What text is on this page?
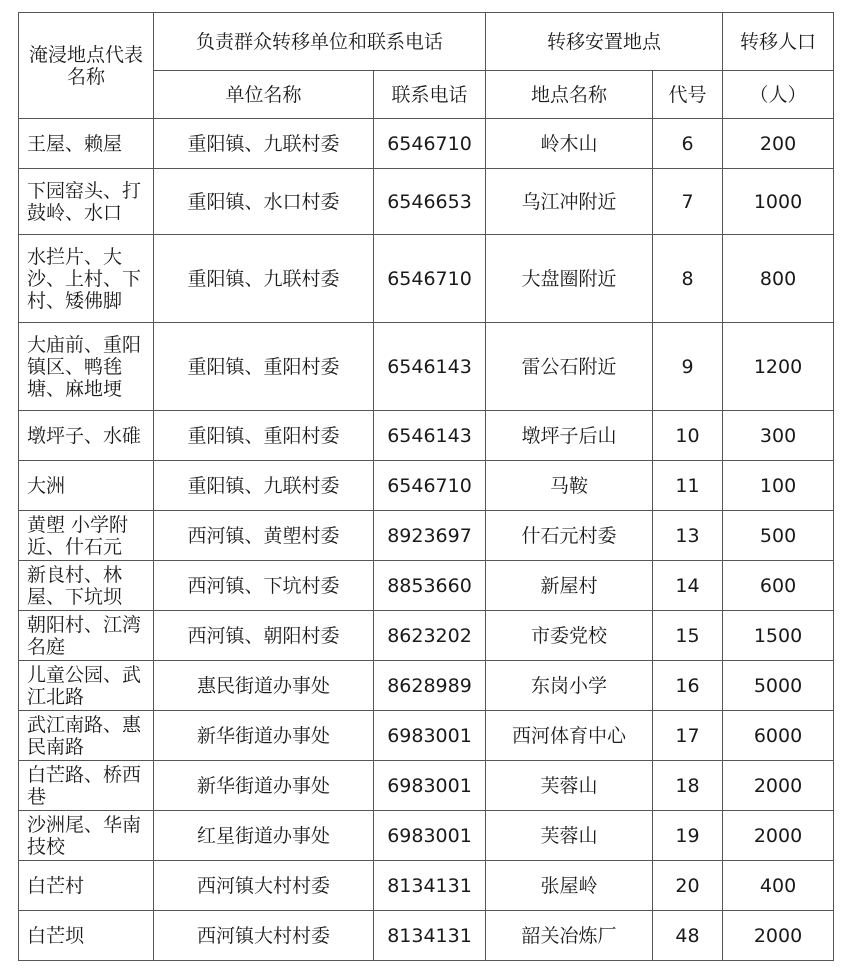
淹浸地点代表名称	负责群众转移单位和联系电话		转移安置地点		转移人口
	单位名称	联系电话	地点名称	代号	（人）
王屋、赖屋	重阳镇、九联村委	6546710	岭木山	6	200
下园窑头、打鼓岭、水口	重阳镇、水口村委	6546653	乌江冲附近	7	1000
水拦片、大沙、上村、下村、矮佛脚	重阳镇、九联村委	6546710	大盘圈附近	8	800
大庙前、重阳镇区、鸭毪塘、麻地埂	重阳镇、重阳村委	6546143	雷公石附近	9	1200
墩坪子、水碓	重阳镇、重阳村委	6546143	墩坪子后山	10	300
大洲	重阳镇、九联村委	6546710	马鞍	11	100
黄塱 小学附近、什石元	西河镇、黄塱村委	8923697	什石元村委	13	500
新良村、林屋、下坑坝	西河镇、下坑村委	8853660	新屋村	14	600
朝阳村、江湾名庭	西河镇、朝阳村委	8623202	市委党校	15	1500
儿童公园、武江北路	惠民街道办事处	8628989	东岗小学	16	5000
武江南路、惠民南路	新华街道办事处	6983001	西河体育中心	17	6000
白芒路、桥西巷	新华街道办事处	6983001	芙蓉山	18	2000
沙洲尾、华南技校	红星街道办事处	6983001	芙蓉山	19	2000
白芒村	西河镇大村村委	8134131	张屋岭	20	400
白芒坝	西河镇大村村委	8134131	韶关冶炼厂	48	2000
